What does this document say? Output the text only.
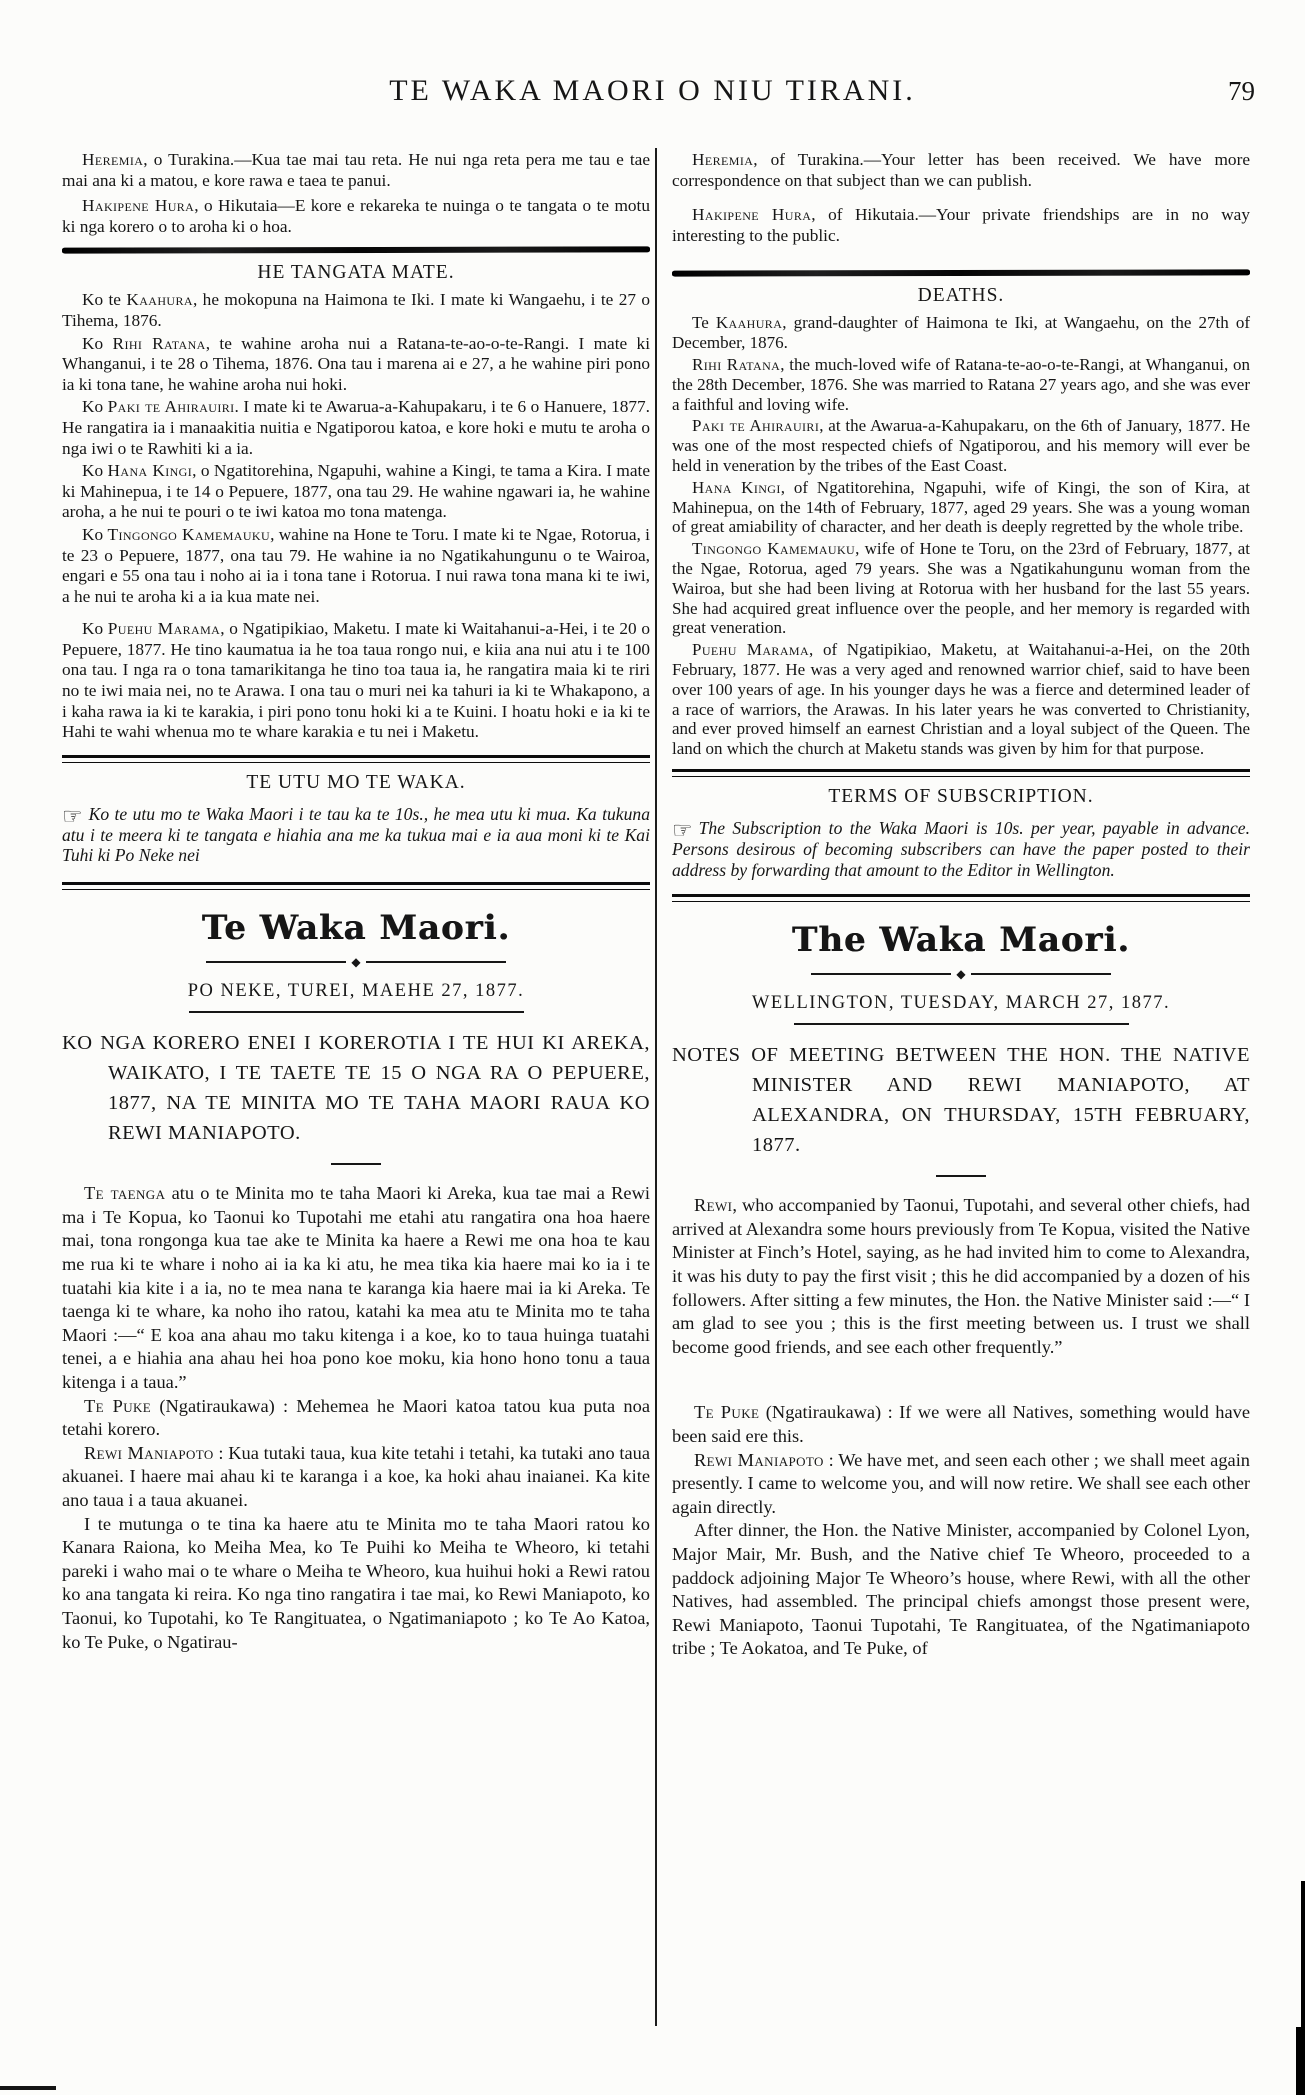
TE WAKA MAORI O NIU TIRANI.	79

Heremia, o Turakina.—Kua tae mai tau reta. He nui nga reta pera me tau e tae mai ana ki a matou, e kore rawa e taea te panui.

Hakipene Hura, o Hikutaia—E kore e rekareka te nuinga o te tangata o te motu ki nga korero o to aroha ki o hoa.

HE TANGATA MATE.

Ko te Kaahura, he mokopuna na Haimona te Iki. I mate ki Wangaehu, i te 27 o Tihema, 1876.

Ko Rihi Ratana, te wahine aroha nui a Ratana-te-ao-o-te-Rangi. I mate ki Whanganui, i te 28 o Tihema, 1876. Ona tau i marena ai e 27, a he wahine piri pono ia ki tona tane, he wahine aroha nui hoki.

Ko Paki te Ahirauiri. I mate ki te Awarua-a-Kahupakaru, i te 6 o Hanuere, 1877. He rangatira ia i manaakitia nuitia e Ngatiporou katoa, e kore hoki e mutu te aroha o nga iwi o te Rawhiti ki a ia.

Ko Hana Kingi, o Ngatitorehina, Ngapuhi, wahine a Kingi, te tama a Kira. I mate ki Mahinepua, i te 14 o Pepuere, 1877, ona tau 29. He wahine ngawari ia, he wahine aroha, a he nui te pouri o te iwi katoa mo tona matenga.

Ko Tingongo Kamemauku, wahine na Hone te Toru. I mate ki te Ngae, Rotorua, i te 23 o Pepuere, 1877, ona tau 79. He wahine ia no Ngatikahungunu o te Wairoa, engari e 55 ona tau i noho ai ia i tona tane i Rotorua. I nui rawa tona mana ki te iwi, a he nui te aroha ki a ia kua mate nei.

Ko Puehu Marama, o Ngatipikiao, Maketu. I mate ki Waitahanui-a-Hei, i te 20 o Pepuere, 1877. He tino kaumatua ia he toa taua rongo nui, e kiia ana nui atu i te 100 ona tau. I nga ra o tona tamarikitanga he tino toa taua ia, he rangatira maia ki te riri no te iwi maia nei, no te Arawa. I ona tau o muri nei ka tahuri ia ki te Whakapono, a i kaha rawa ia ki te karakia, i piri pono tonu hoki ki a te Kuini. I hoatu hoki e ia ki te Hahi te wahi whenua mo te whare karakia e tu nei i Maketu.

TE UTU MO TE WAKA.

☞ Ko te utu mo te Waka Maori i te tau ka te 10s., he mea utu ki mua. Ka tukuna atu i te meera ki te tangata e hiahia ana me ka tukua mai e ia aua moni ki te Kai Tuhi ki Po Neke nei

Te Waka Maori.
◆
PO NEKE, TUREI, MAEHE 27, 1877.
KO NGA KORERO ENEI I KOREROTIA I TE HUI KI AREKA, WAIKATO, I TE TAETE TE 15 O NGA RA O PEPUERE, 1877, NA TE MINITA MO TE TAHA MAORI RAUA KO REWI MANIAPOTO.

Te taenga atu o te Minita mo te taha Maori ki Areka, kua tae mai a Rewi ma i Te Kopua, ko Taonui ko Tupotahi me etahi atu rangatira ona hoa haere mai, tona rongonga kua tae ake te Minita ka haere a Rewi me ona hoa te kau me rua ki te whare i noho ai ia ka ki atu, he mea tika kia haere mai ko ia i te tuatahi kia kite i a ia, no te mea nana te karanga kia haere mai ia ki Areka. Te taenga ki te whare, ka noho iho ratou, katahi ka mea atu te Minita mo te taha Maori :—“ E koa ana ahau mo taku kitenga i a koe, ko to taua huinga tuatahi tenei, a e hiahia ana ahau hei hoa pono koe moku, kia hono hono tonu a taua kitenga i a taua.”

Te Puke (Ngatiraukawa) : Mehemea he Maori katoa tatou kua puta noa tetahi korero.

Rewi Maniapoto : Kua tutaki taua, kua kite tetahi i tetahi, ka tutaki ano taua akuanei. I haere mai ahau ki te karanga i a koe, ka hoki ahau inaianei. Ka kite ano taua i a taua akuanei.

I te mutunga o te tina ka haere atu te Minita mo te taha Maori ratou ko Kanara Raiona, ko Meiha Mea, ko Te Puihi ko Meiha te Wheoro, ki tetahi pareki i waho mai o te whare o Meiha te Wheoro, kua huihui hoki a Rewi ratou ko ana tangata ki reira. Ko nga tino rangatira i tae mai, ko Rewi Maniapoto, ko Taonui, ko Tupotahi, ko Te Rangituatea, o Ngatimaniapoto ; ko Te Ao Katoa, ko Te Puke, o Ngatirau-

Heremia, of Turakina.—Your letter has been received. We have more correspondence on that subject than we can publish.

Hakipene Hura, of Hikutaia.—Your private friendships are in no way interesting to the public.

DEATHS.

Te Kaahura, grand-daughter of Haimona te Iki, at Wangaehu, on the 27th of December, 1876.

Rihi Ratana, the much-loved wife of Ratana-te-ao-o-te-Rangi, at Whanganui, on the 28th December, 1876. She was married to Ratana 27 years ago, and she was ever a faithful and loving wife.

Paki te Ahirauiri, at the Awarua-a-Kahupakaru, on the 6th of January, 1877. He was one of the most respected chiefs of Ngatiporou, and his memory will ever be held in veneration by the tribes of the East Coast.

Hana Kingi, of Ngatitorehina, Ngapuhi, wife of Kingi, the son of Kira, at Mahinepua, on the 14th of February, 1877, aged 29 years. She was a young woman of great amiability of character, and her death is deeply regretted by the whole tribe.

Tingongo Kamemauku, wife of Hone te Toru, on the 23rd of February, 1877, at the Ngae, Rotorua, aged 79 years. She was a Ngatikahungunu woman from the Wairoa, but she had been living at Rotorua with her husband for the last 55 years. She had acquired great influence over the people, and her memory is regarded with great veneration.

Puehu Marama, of Ngatipikiao, Maketu, at Waitahanui-a-Hei, on the 20th February, 1877. He was a very aged and renowned warrior chief, said to have been over 100 years of age. In his younger days he was a fierce and determined leader of a race of warriors, the Arawas. In his later years he was converted to Christianity, and ever proved himself an earnest Christian and a loyal subject of the Queen. The land on which the church at Maketu stands was given by him for that purpose.

TERMS OF SUBSCRIPTION.

☞ The Subscription to the Waka Maori is 10s. per year, payable in advance. Persons desirous of becoming subscribers can have the paper posted to their address by forwarding that amount to the Editor in Wellington.

The Waka Maori.
◆
WELLINGTON, TUESDAY, MARCH 27, 1877.
NOTES OF MEETING BETWEEN THE HON. THE NATIVE MINISTER AND REWI MANIAPOTO, AT ALEXANDRA, ON THURSDAY, 15TH FEBRUARY, 1877.

Rewi, who accompanied by Taonui, Tupotahi, and several other chiefs, had arrived at Alexandra some hours previously from Te Kopua, visited the Native Minister at Finch’s Hotel, saying, as he had invited him to come to Alexandra, it was his duty to pay the first visit ; this he did accompanied by a dozen of his followers. After sitting a few minutes, the Hon. the Native Minister said :—“ I am glad to see you ; this is the first meeting between us. I trust we shall become good friends, and see each other frequently.”

Te Puke (Ngatiraukawa) : If we were all Natives, something would have been said ere this.

Rewi Maniapoto : We have met, and seen each other ; we shall meet again presently. I came to welcome you, and will now retire. We shall see each other again directly.

After dinner, the Hon. the Native Minister, accompanied by Colonel Lyon, Major Mair, Mr. Bush, and the Native chief Te Wheoro, proceeded to a paddock adjoining Major Te Wheoro’s house, where Rewi, with all the other Natives, had assembled. The principal chiefs amongst those present were, Rewi Maniapoto, Taonui Tupotahi, Te Rangituatea, of the Ngatimaniapoto tribe ; Te Aokatoa, and Te Puke, of
